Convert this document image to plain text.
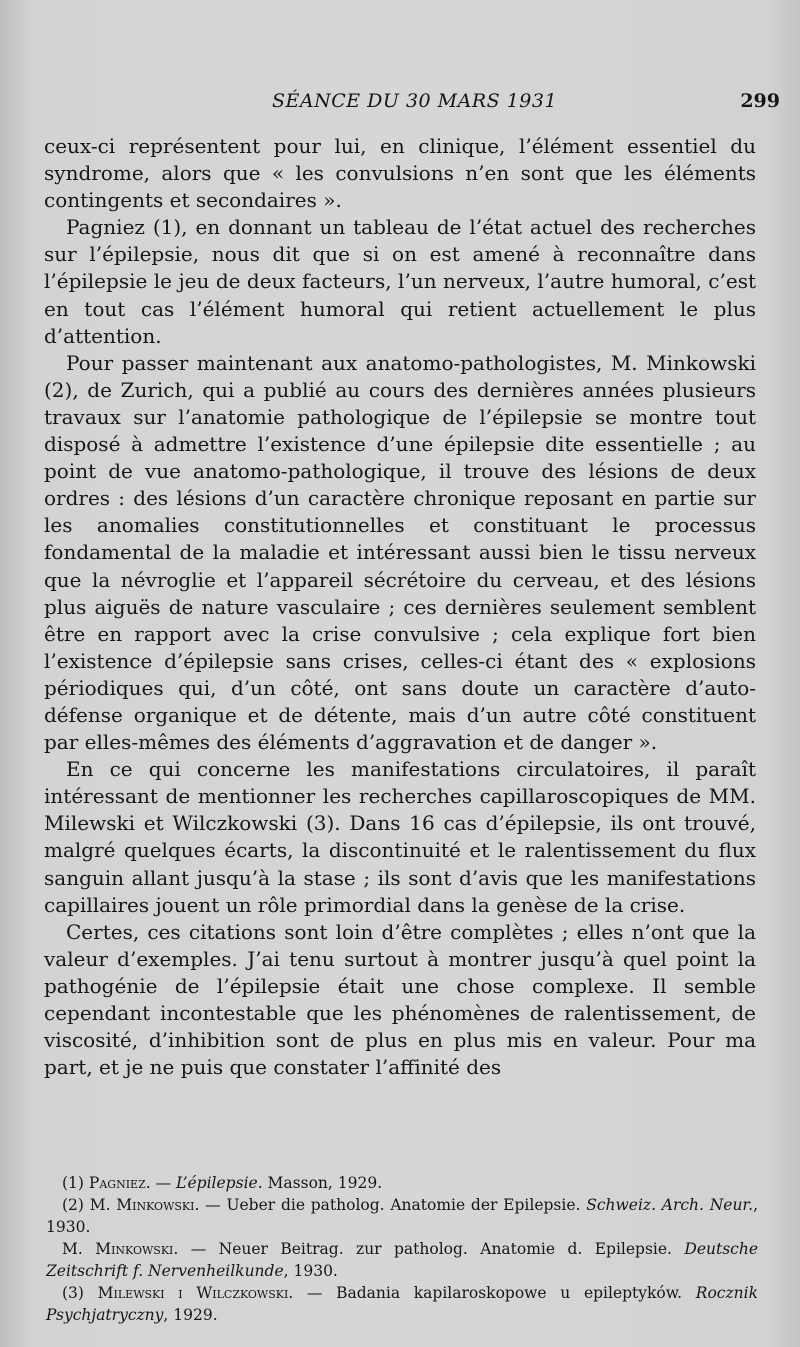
SÉANCE DU 30 MARS 1931	299

ceux-ci représentent pour lui, en clinique, l’élément essentiel du syndrome, alors que « les convulsions n’en sont que les éléments contingents et secondaires ».

Pagniez (1), en donnant un tableau de l’état actuel des recherches sur l’épilepsie, nous dit que si on est amené à reconnaître dans l’épilepsie le jeu de deux facteurs, l’un nerveux, l’autre humoral, c’est en tout cas l’élément humoral qui retient actuellement le plus d’attention.

Pour passer maintenant aux anatomo-pathologistes, M. Minkowski (2), de Zurich, qui a publié au cours des dernières années plusieurs travaux sur l’anatomie pathologique de l’épilepsie se montre tout disposé à admettre l’existence d’une épilepsie dite essentielle ; au point de vue anatomo-pathologique, il trouve des lésions de deux ordres : des lésions d’un caractère chronique reposant en partie sur les anomalies constitutionnelles et constituant le processus fondamental de la maladie et intéressant aussi bien le tissu nerveux que la névroglie et l’appareil sécrétoire du cerveau, et des lésions plus aiguës de nature vasculaire ; ces dernières seulement semblent être en rapport avec la crise convulsive ; cela explique fort bien l’existence d’épilepsie sans crises, celles-ci étant des « explosions périodiques qui, d’un côté, ont sans doute un caractère d’auto-défense organique et de détente, mais d’un autre côté constituent par elles-mêmes des éléments d’aggravation et de danger ».

En ce qui concerne les manifestations circulatoires, il paraît intéressant de mentionner les recherches capillaroscopiques de MM. Milewski et Wilczkowski (3). Dans 16 cas d’épilepsie, ils ont trouvé, malgré quelques écarts, la discontinuité et le ralentissement du flux sanguin allant jusqu’à la stase ; ils sont d’avis que les manifestations capillaires jouent un rôle primordial dans la genèse de la crise.

Certes, ces citations sont loin d’être complètes ; elles n’ont que la valeur d’exemples. J’ai tenu surtout à montrer jusqu’à quel point la pathogénie de l’épilepsie était une chose complexe. Il semble cependant incontestable que les phénomènes de ralentissement, de viscosité, d’inhibition sont de plus en plus mis en valeur. Pour ma part, et je ne puis que constater l’affinité des

(1) Pagniez. — L’épilepsie. Masson, 1929.

(2) M. Minkowski. — Ueber die patholog. Anatomie der Epilepsie. Schweiz. Arch. Neur., 1930.

M. Minkowski. — Neuer Beitrag. zur patholog. Anatomie d. Epilepsie. Deutsche Zeitschrift f. Nervenheilkunde, 1930.

(3) Milewski i Wilczkowski. — Badania kapilaroskopowe u epileptyków. Rocznik Psychjatryczny, 1929.
